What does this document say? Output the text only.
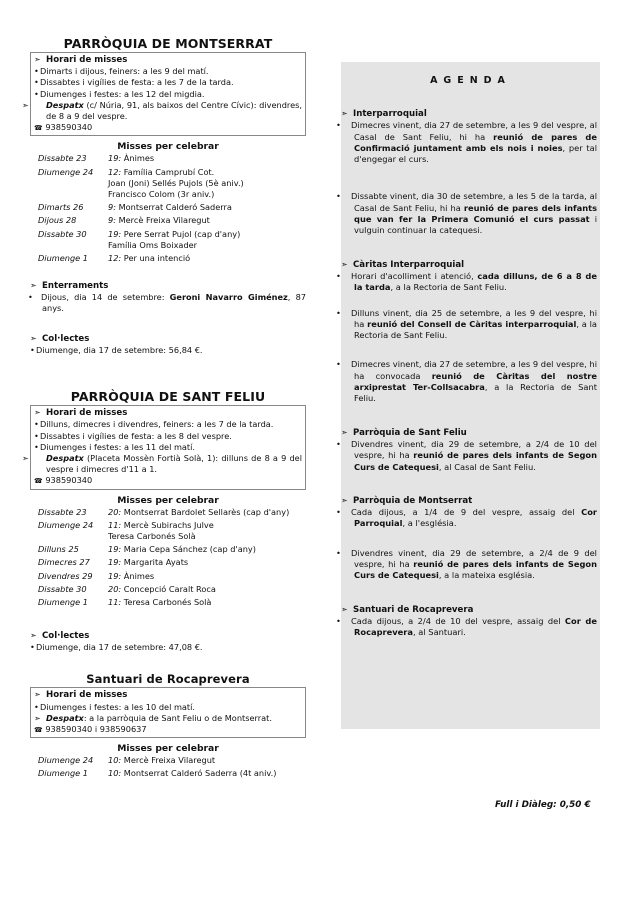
PARRÒQUIA DE MONTSERRAT
➣ Horari de misses
•Dimarts i dijous, feiners: a les 9 del matí.
•Dissabtes i vigílies de festa: a les 7 de la tarda.
•Diumenges i festes: a les 12 del migdia.
➣ Despatx (c/ Núria, 91, als baixos del Centre Cívic): divendres, de 8 a 9 del vespre.
☎ 938590340
Misses per celebrar
Dissabte 23	19: Ànimes

Diumenge 24	12: Família Camprubí Cot.
Joan (Joni) Sellés Pujols (5è aniv.)
Francisco Colom (3r aniv.)

Dimarts 26	9: Montserrat Calderó Saderra

Dijous 28	9: Mercè Freixa Vilaregut

Dissabte 30	19: Pere Serrat Pujol (cap d'any)
Família Oms Boixader

Diumenge 1	12: Per una intenció
➣ Enterraments
• Dijous, dia 14 de setembre: Geroni Navarro Giménez, 87 anys.
➣ Col·lectes
•Diumenge, dia 17 de setembre: 56,84 €.
PARRÒQUIA DE SANT FELIU
➣ Horari de misses
•Dilluns, dimecres i divendres, feiners: a les 7 de la tarda.
•Dissabtes i vigílies de festa: a les 8 del vespre.
•Diumenges i festes: a les 11 del matí.
➣ Despatx (Placeta Mossèn Fortià Solà, 1): dilluns de 8 a 9 del vespre i dimecres d'11 a 1.
☎ 938590340
Misses per celebrar
Dissabte 23	20: Montserrat Bardolet Sellarès (cap d'any)

Diumenge 24	11: Mercè Subirachs Julve
Teresa Carbonés Solà

Dilluns 25	19: Maria Cepa Sánchez (cap d'any)

Dimecres 27	19: Margarita Ayats

Divendres 29	19: Ànimes

Dissabte 30	20: Concepció Caralt Roca

Diumenge 1	11: Teresa Carbonés Solà
➣ Col·lectes
•Diumenge, dia 17 de setembre: 47,08 €.
Santuari de Rocaprevera
➣ Horari de misses
•Diumenges i festes: a les 10 del matí.
➣ Despatx: a la parròquia de Sant Feliu o de Montserrat.
☎ 938590340 i 938590637
Misses per celebrar
Diumenge 24	10: Mercè Freixa Vilaregut

Diumenge 1	10: Montserrat Calderó Saderra (4t aniv.)
AGENDA
➣ Interparroquial
• Dimecres vinent, dia 27 de setembre, a les 9 del vespre, al Casal de Sant Feliu, hi ha reunió de pares de Confirmació juntament amb els nois i noies, per tal d'engegar el curs.
• Dissabte vinent, dia 30 de setembre, a les 5 de la tarda, al Casal de Sant Feliu, hi ha reunió de pares dels infants que van fer la Primera Comunió el curs passat i vulguin continuar la catequesi.
➣ Càritas Interparroquial
• Horari d'acolliment i atenció, cada dilluns, de 6 a 8 de la tarda, a la Rectoria de Sant Feliu.
• Dilluns vinent, dia 25 de setembre, a les 9 del vespre, hi ha reunió del Consell de Càritas interparroquial, a la Rectoria de Sant Feliu.
• Dimecres vinent, dia 27 de setembre, a les 9 del vespre, hi ha convocada reunió de Càritas del nostre arxiprestat Ter-Collsacabra, a la Rectoria de Sant Feliu.
➣ Parròquia de Sant Feliu
• Divendres vinent, dia 29 de setembre, a 2/4 de 10 del vespre, hi ha reunió de pares dels infants de Segon Curs de Catequesi, al Casal de Sant Feliu.
➣ Parròquia de Montserrat
• Cada dijous, a 1/4 de 9 del vespre, assaig del Cor Parroquial, a l'església.
• Divendres vinent, dia 29 de setembre, a 2/4 de 9 del vespre, hi ha reunió de pares dels infants de Segon Curs de Catequesi, a la mateixa església.
➣ Santuari de Rocaprevera
• Cada dijous, a 2/4 de 10 del vespre, assaig del Cor de Rocaprevera, al Santuari.
Full i Diàleg: 0,50 €
